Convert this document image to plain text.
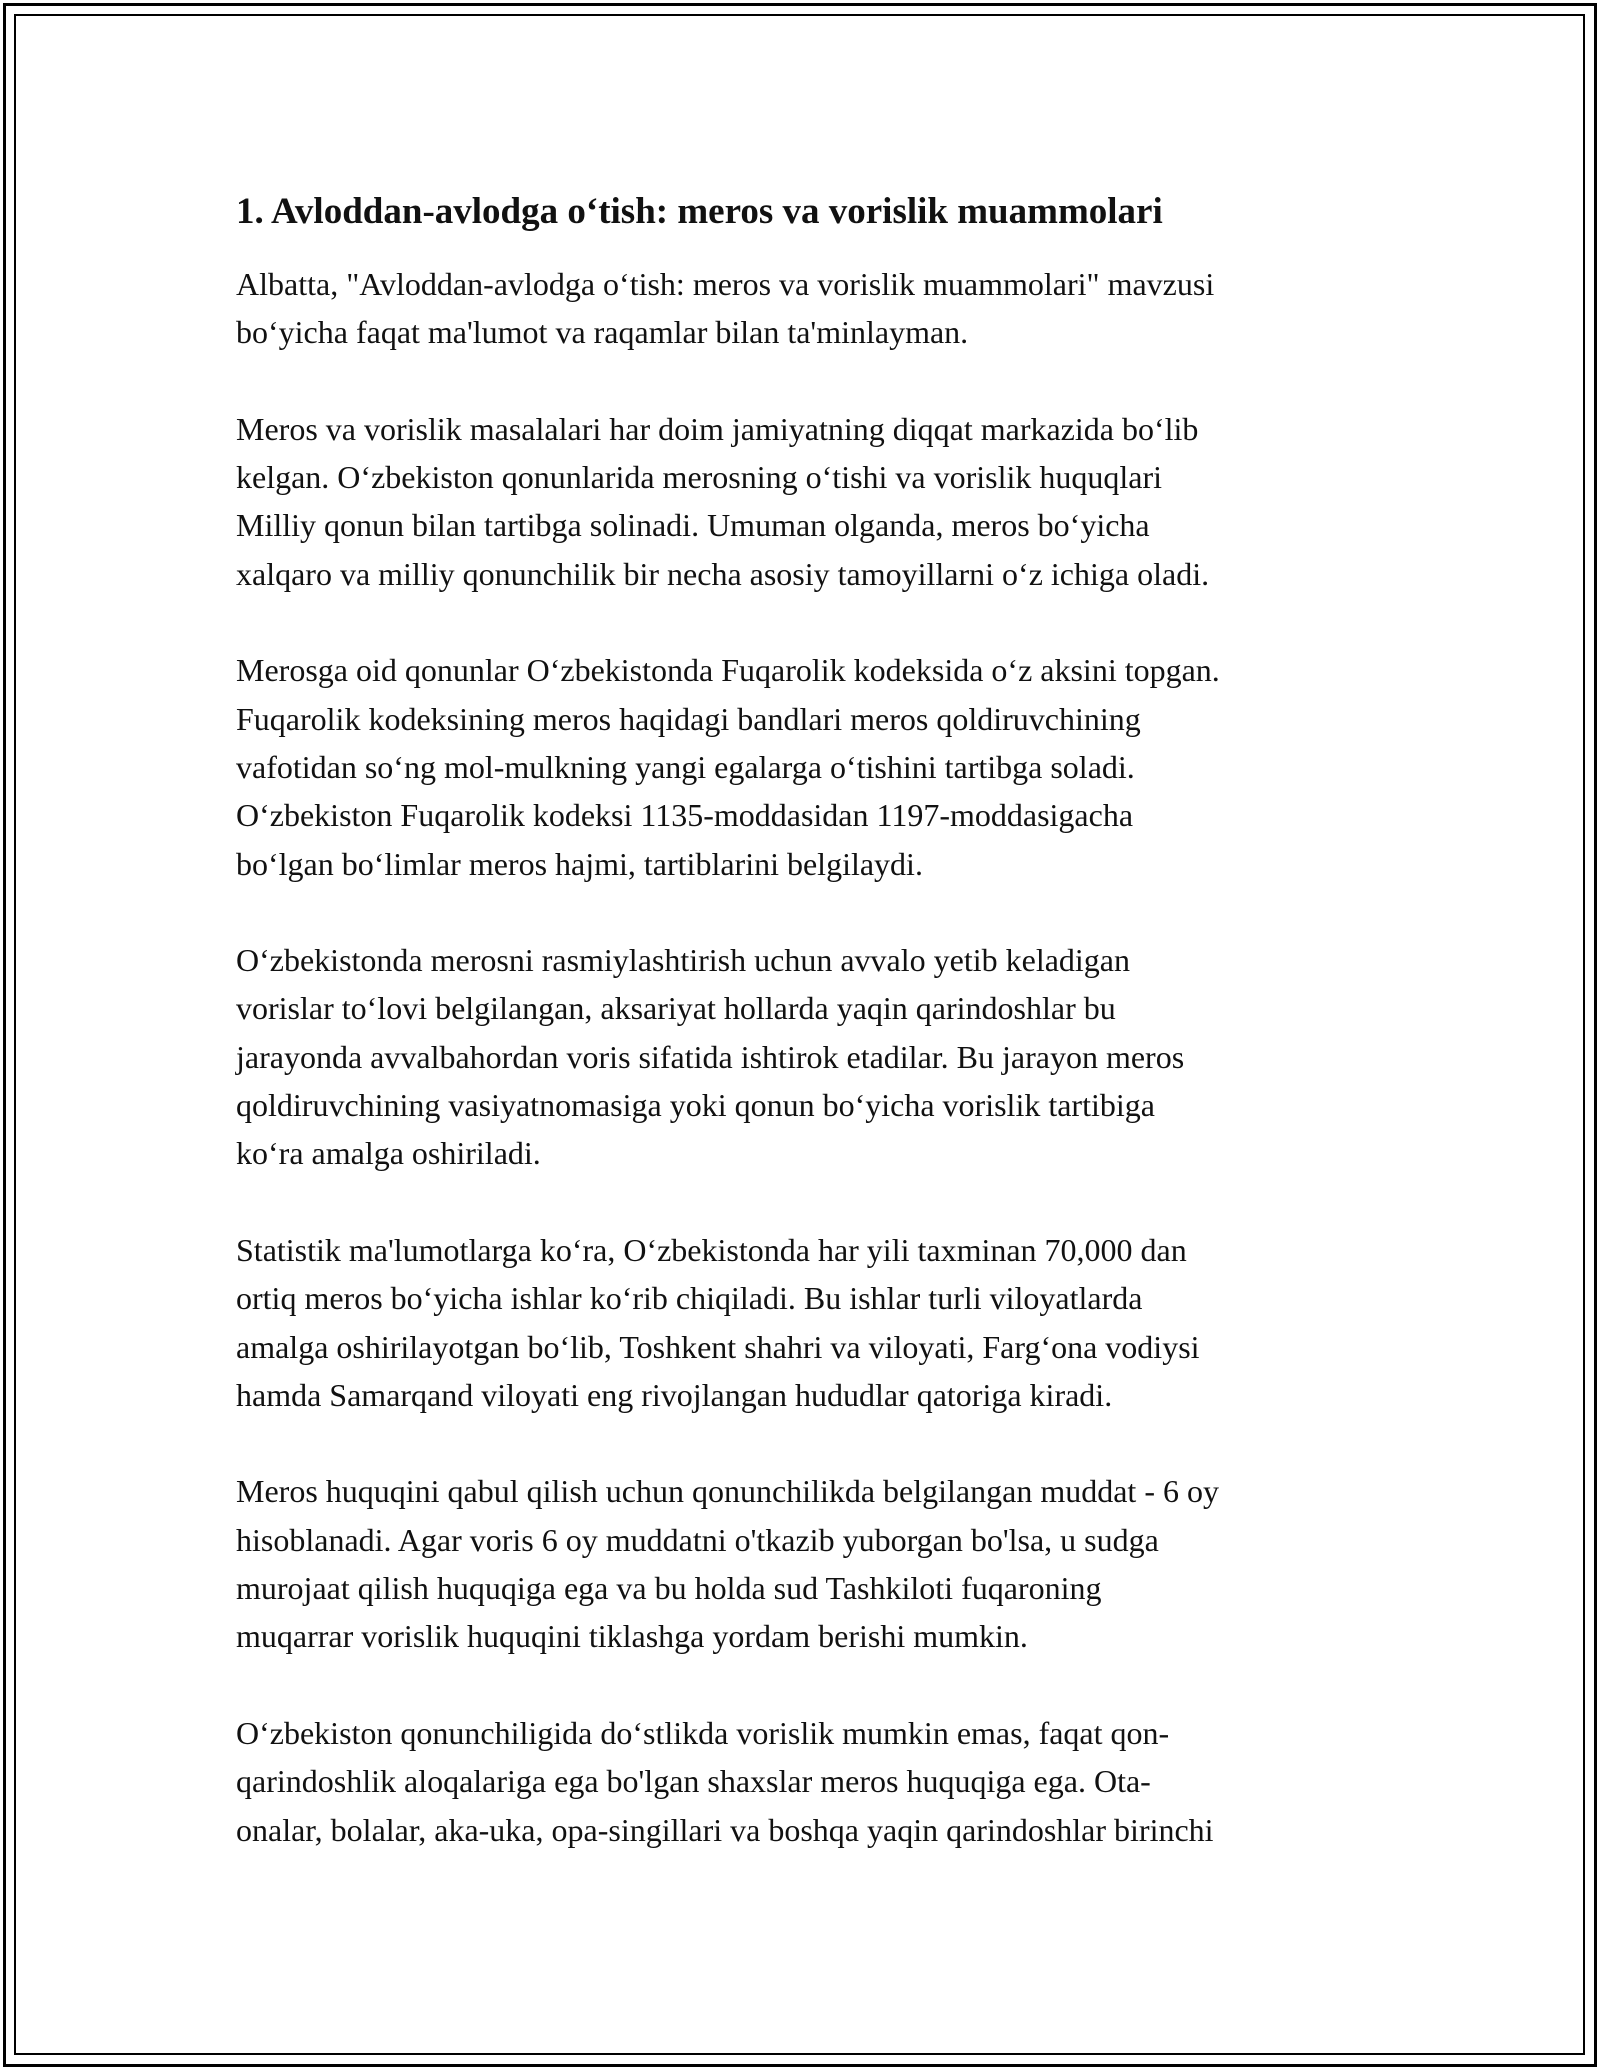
1. Avloddan-avlodga o‘tish: meros va vorislik muammolari

Albatta, "Avloddan-avlodga o‘tish: meros va vorislik muammolari" mavzusi
bo‘yicha faqat ma'lumot va raqamlar bilan ta'minlayman.

Meros va vorislik masalalari har doim jamiyatning diqqat markazida bo‘lib
kelgan. O‘zbekiston qonunlarida merosning o‘tishi va vorislik huquqlari
Milliy qonun bilan tartibga solinadi. Umuman olganda, meros bo‘yicha
xalqaro va milliy qonunchilik bir necha asosiy tamoyillarni o‘z ichiga oladi.

Merosga oid qonunlar O‘zbekistonda Fuqarolik kodeksida o‘z aksini topgan.
Fuqarolik kodeksining meros haqidagi bandlari meros qoldiruvchining
vafotidan so‘ng mol-mulkning yangi egalarga o‘tishini tartibga soladi.
O‘zbekiston Fuqarolik kodeksi 1135-moddasidan 1197-moddasigacha
bo‘lgan bo‘limlar meros hajmi, tartiblarini belgilaydi.

O‘zbekistonda merosni rasmiylashtirish uchun avvalo yetib keladigan
vorislar to‘lovi belgilangan, aksariyat hollarda yaqin qarindoshlar bu
jarayonda avvalbahordan voris sifatida ishtirok etadilar. Bu jarayon meros
qoldiruvchining vasiyatnomasiga yoki qonun bo‘yicha vorislik tartibiga
ko‘ra amalga oshiriladi.

Statistik ma'lumotlarga ko‘ra, O‘zbekistonda har yili taxminan 70,000 dan
ortiq meros bo‘yicha ishlar ko‘rib chiqiladi. Bu ishlar turli viloyatlarda
amalga oshirilayotgan bo‘lib, Toshkent shahri va viloyati, Farg‘ona vodiysi
hamda Samarqand viloyati eng rivojlangan hududlar qatoriga kiradi.

Meros huquqini qabul qilish uchun qonunchilikda belgilangan muddat - 6 oy
hisoblanadi. Agar voris 6 oy muddatni o'tkazib yuborgan bo'lsa, u sudga
murojaat qilish huquqiga ega va bu holda sud Tashkiloti fuqaroning
muqarrar vorislik huquqini tiklashga yordam berishi mumkin.

O‘zbekiston qonunchiligida do‘stlikda vorislik mumkin emas, faqat qon-
qarindoshlik aloqalariga ega bo'lgan shaxslar meros huquqiga ega. Ota-
onalar, bolalar, aka-uka, opa-singillari va boshqa yaqin qarindoshlar birinchi
